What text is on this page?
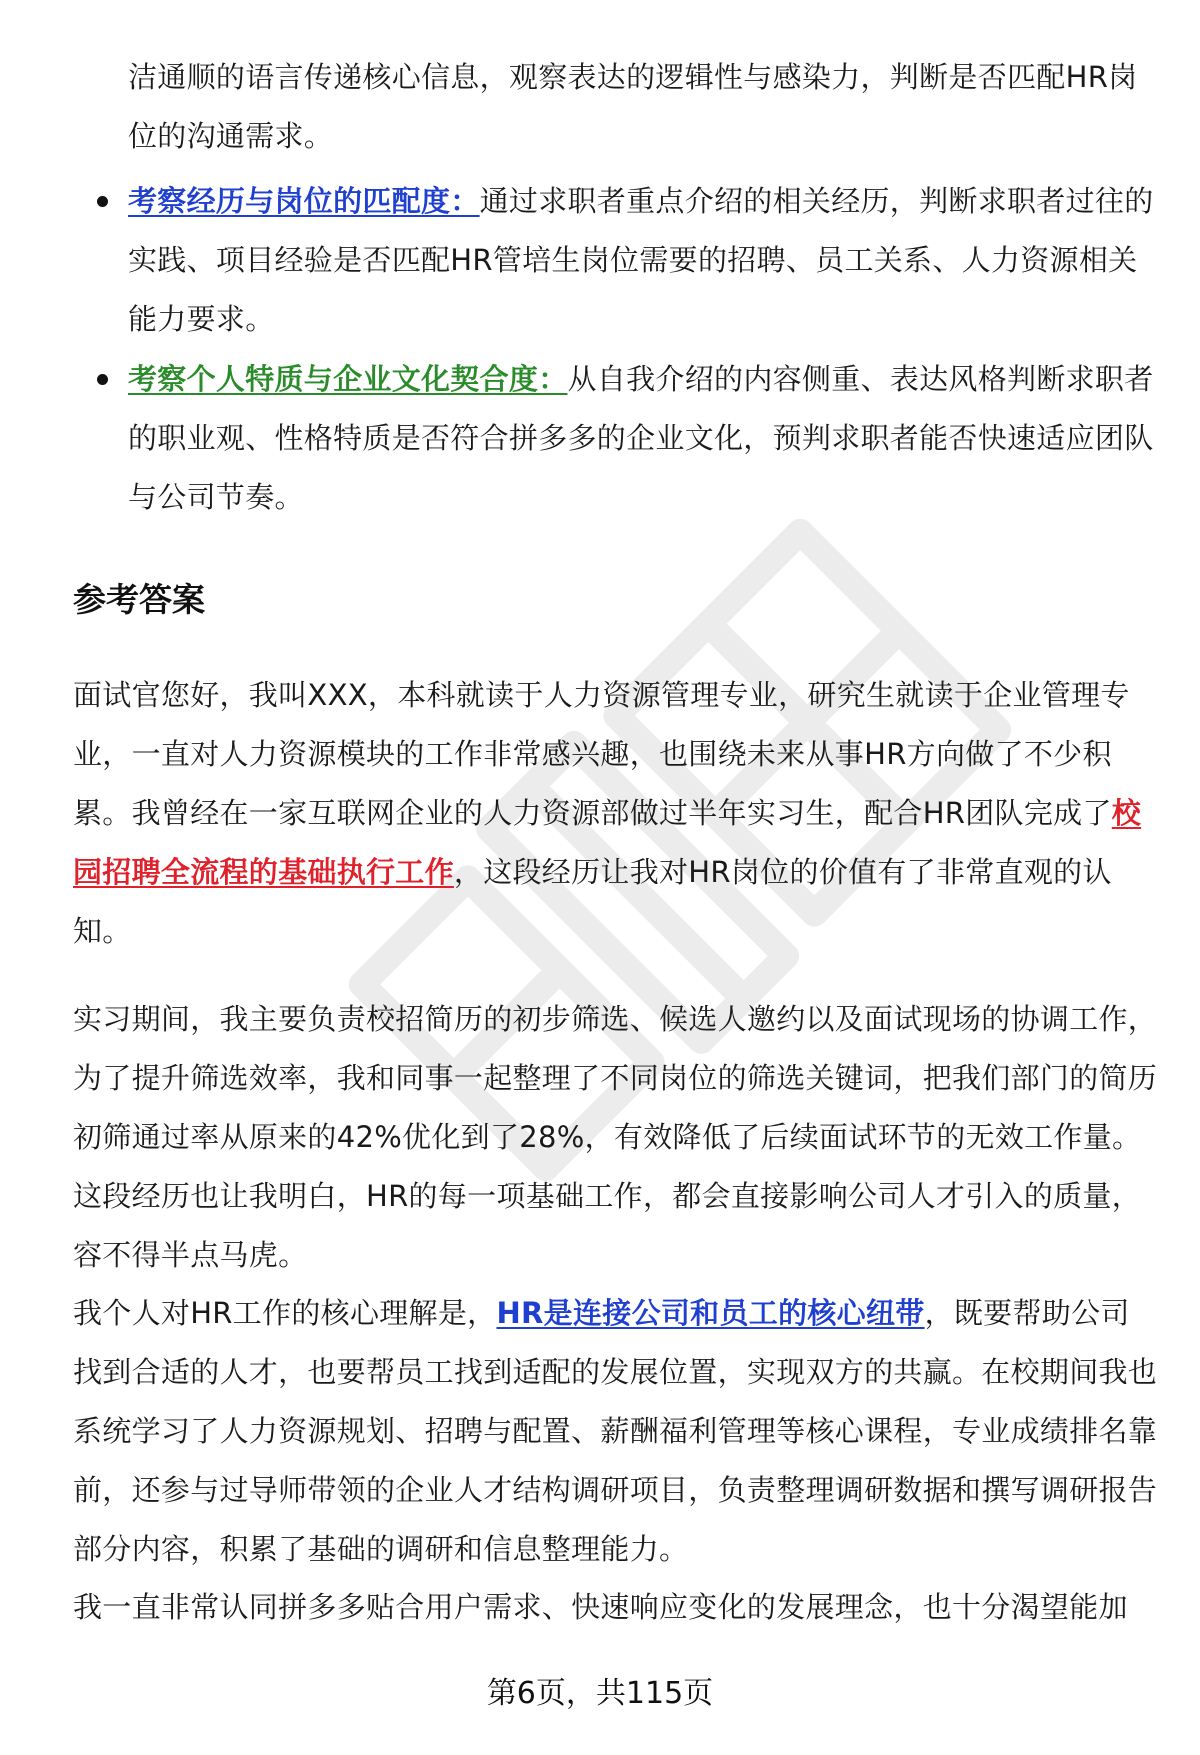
洁通顺的语言传递核心信息，观察表达的逻辑性与感染力，判断是否匹配HR岗位的沟通需求。

考察经历与岗位的匹配度：通过求职者重点介绍的相关经历，判断求职者过往的实践、项目经验是否匹配HR管培生岗位需要的招聘、员工关系、人力资源相关能力要求。

考察个人特质与企业文化契合度：从自我介绍的内容侧重、表达风格判断求职者的职业观、性格特质是否符合拼多多的企业文化，预判求职者能否快速适应团队与公司节奏。

参考答案

面试官您好，我叫XXX，本科就读于人力资源管理专业，研究生就读于企业管理专业，一直对人力资源模块的工作非常感兴趣，也围绕未来从事HR方向做了不少积累。我曾经在一家互联网企业的人力资源部做过半年实习生，配合HR团队完成了校园招聘全流程的基础执行工作，这段经历让我对HR岗位的价值有了非常直观的认知。

实习期间，我主要负责校招简历的初步筛选、候选人邀约以及面试现场的协调工作，为了提升筛选效率，我和同事一起整理了不同岗位的筛选关键词，把我们部门的简历初筛通过率从原来的42%优化到了28%，有效降低了后续面试环节的无效工作量。这段经历也让我明白，HR的每一项基础工作，都会直接影响公司人才引入的质量，容不得半点马虎。

我个人对HR工作的核心理解是，HR是连接公司和员工的核心纽带，既要帮助公司找到合适的人才，也要帮员工找到适配的发展位置，实现双方的共赢。在校期间我也系统学习了人力资源规划、招聘与配置、薪酬福利管理等核心课程，专业成绩排名靠前，还参与过导师带领的企业人才结构调研项目，负责整理调研数据和撰写调研报告部分内容，积累了基础的调研和信息整理能力。

我一直非常认同拼多多贴合用户需求、快速响应变化的发展理念，也十分渴望能加

第6页，共115页
